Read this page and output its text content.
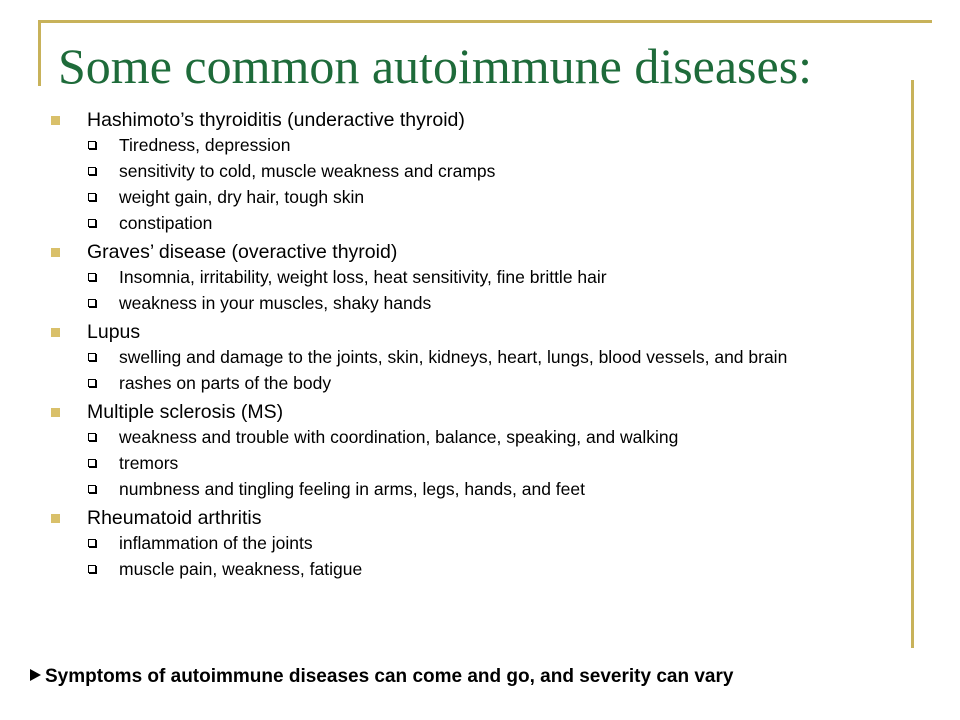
Some common autoimmune diseases:
Hashimoto’s thyroiditis (underactive thyroid)
Tiredness, depression
sensitivity to cold, muscle weakness and cramps
weight gain, dry hair, tough skin
constipation
Graves’ disease (overactive thyroid)
Insomnia, irritability, weight loss, heat sensitivity, fine brittle hair
weakness in your muscles, shaky hands
Lupus
swelling and damage to the joints, skin, kidneys, heart, lungs, blood vessels, and brain
rashes on parts of the body
Multiple sclerosis (MS)
weakness and trouble with coordination, balance, speaking, and walking
tremors
numbness and tingling feeling in arms, legs, hands, and feet
Rheumatoid arthritis
inflammation of the joints
muscle pain, weakness, fatigue
Symptoms of autoimmune diseases can come and go, and severity can vary
